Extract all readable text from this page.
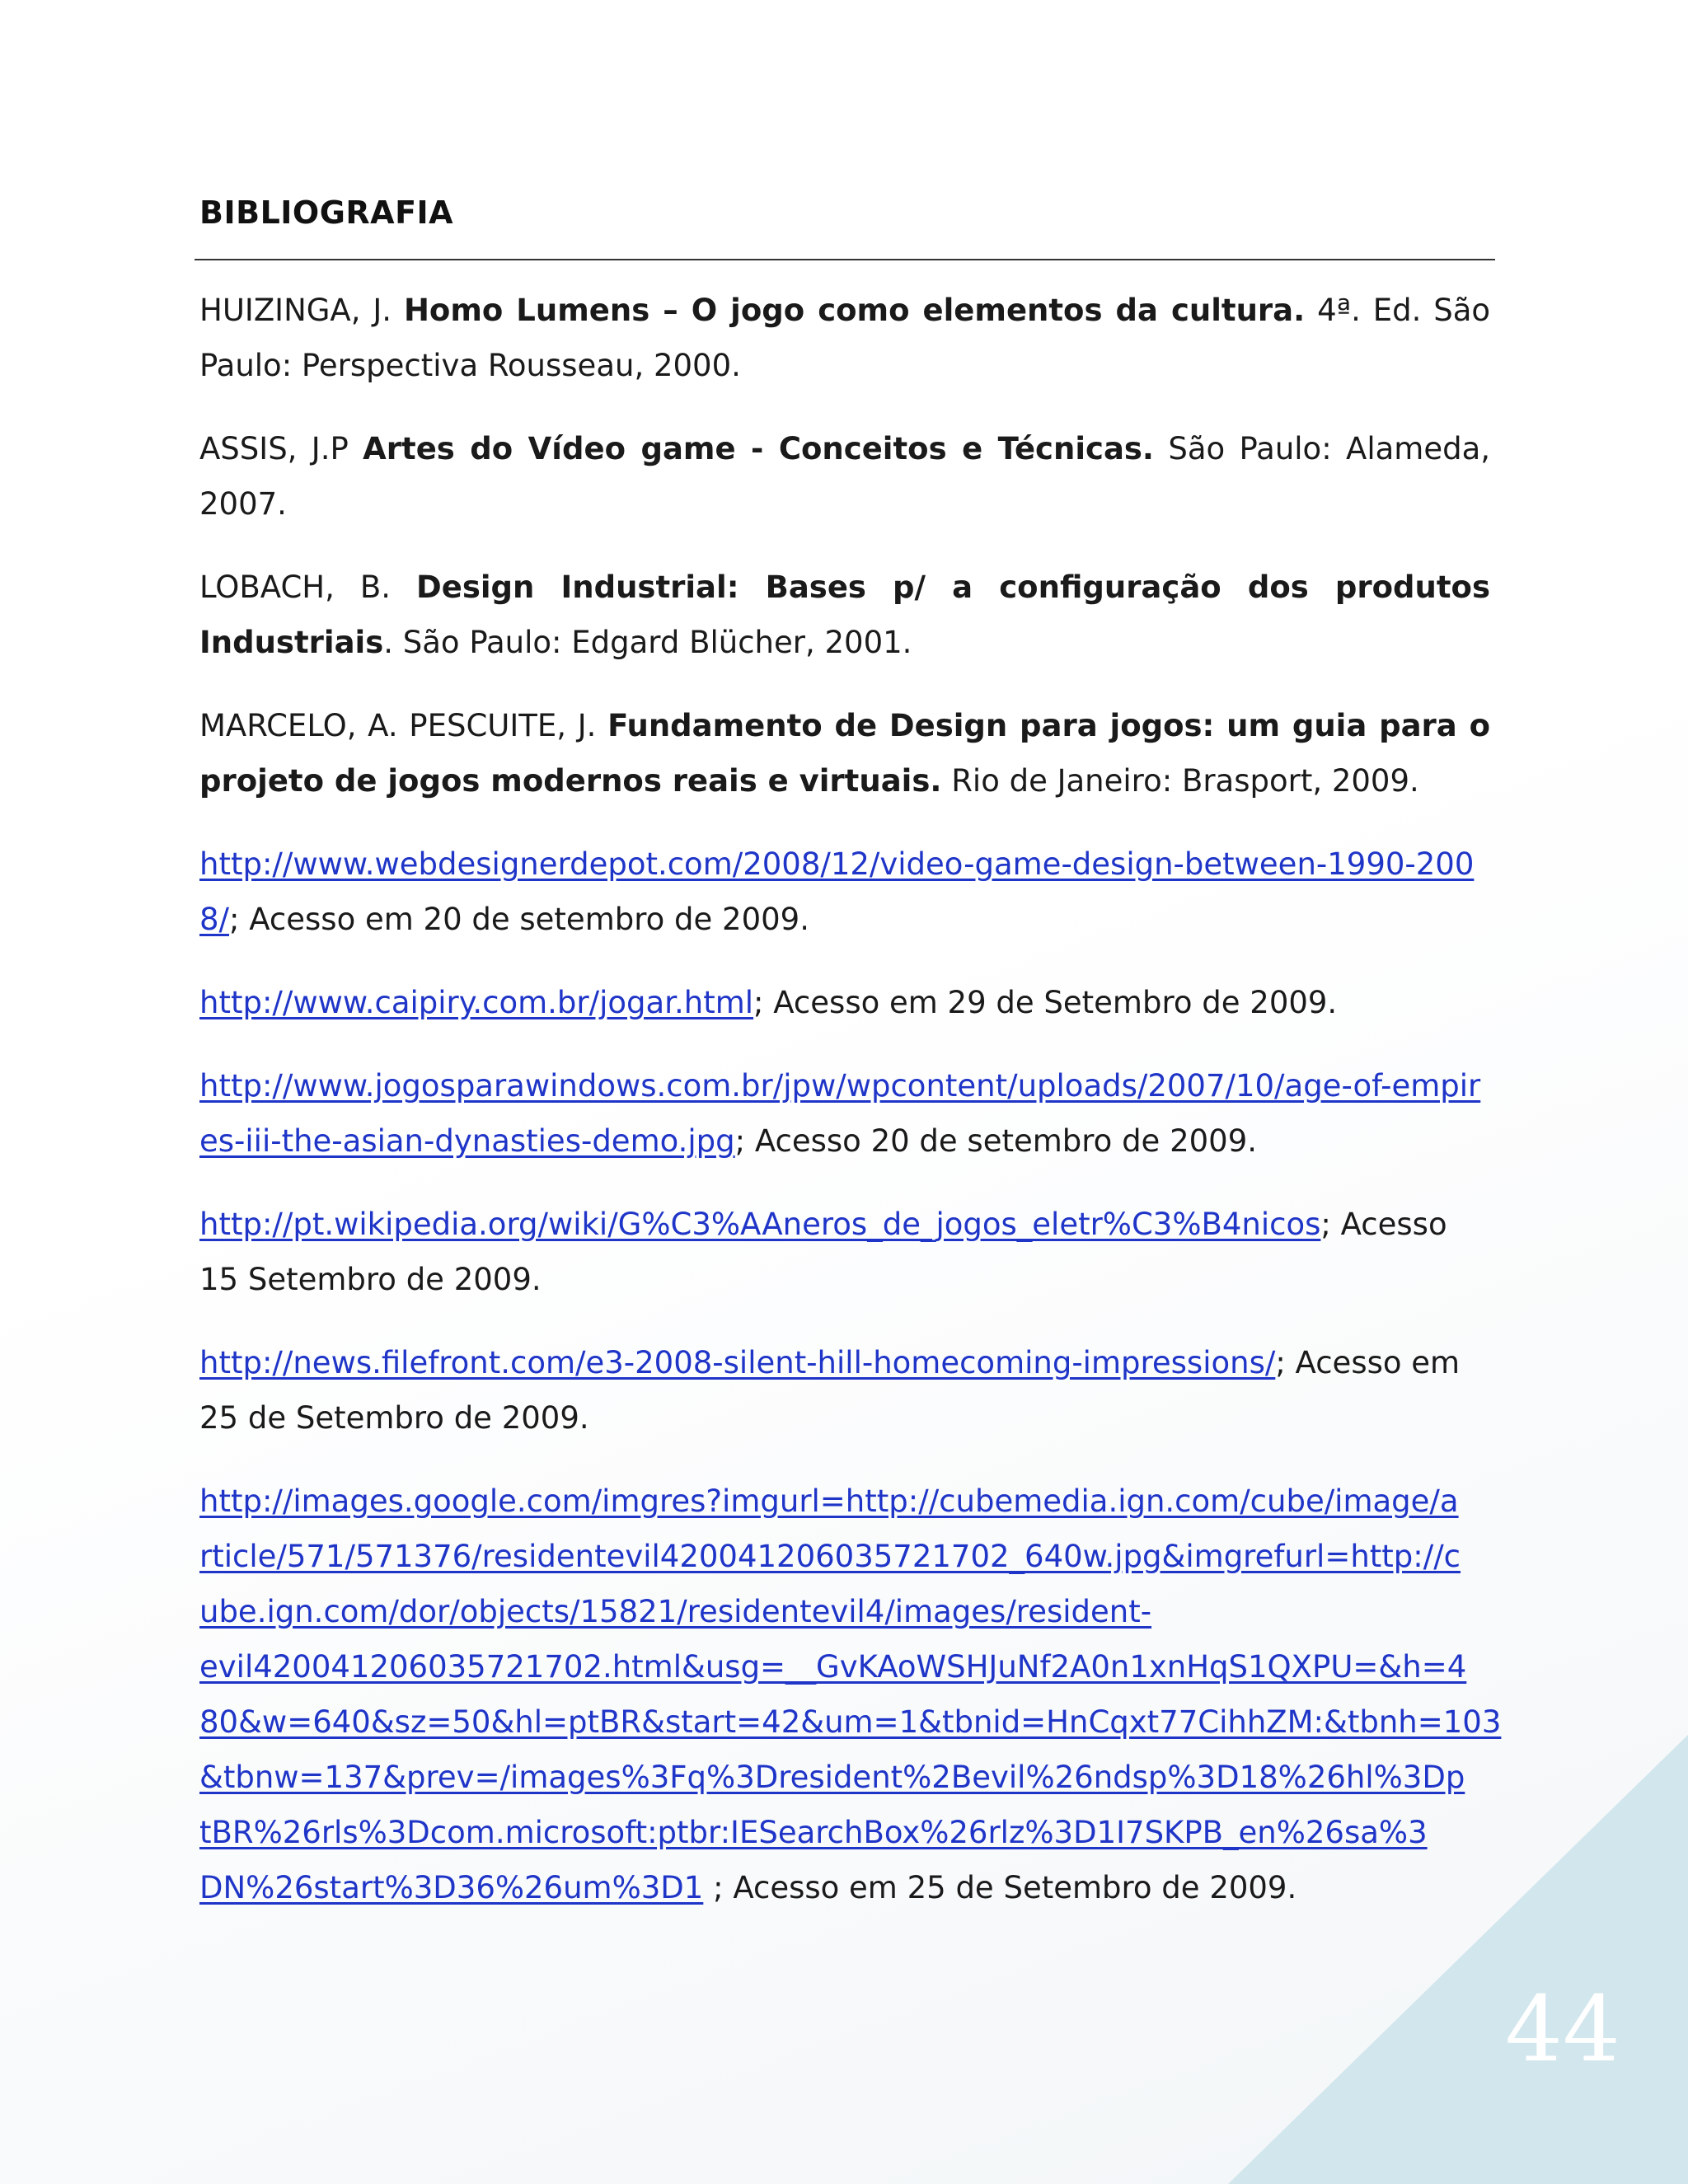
BIBLIOGRAFIA
HUIZINGA, J. Homo Lumens – O jogo como elementos da cultura. 4ª. Ed. São Paulo: Perspectiva Rousseau, 2000.
ASSIS, J.P Artes do Vídeo game - Conceitos e Técnicas. São Paulo: Alameda, 2007.
LOBACH, B. Design Industrial: Bases p/ a configuração dos produtos Industriais. São Paulo: Edgard Blücher, 2001.
MARCELO, A. PESCUITE, J. Fundamento de Design para jogos: um guia para o projeto de jogos modernos reais e virtuais. Rio de Janeiro: Brasport, 2009.
http://www.webdesignerdepot.com/2008/12/video-game-design-between-1990-2008/; Acesso em 20 de setembro de 2009.
http://www.caipiry.com.br/jogar.html; Acesso em 29 de Setembro de 2009.
http://www.jogosparawindows.com.br/jpw/wpcontent/uploads/2007/10/age-of-empires-iii-the-asian-dynasties-demo.jpg; Acesso 20 de setembro de 2009.
http://pt.wikipedia.org/wiki/G%C3%AAneros_de_jogos_eletr%C3%B4nicos; Acesso 15 Setembro de 2009.
http://news.filefront.com/e3-2008-silent-hill-homecoming-impressions/; Acesso em 25 de Setembro de 2009.
http://images.google.com/imgres?imgurl=http://cubemedia.ign.com/cube/image/a
rticle/571/571376/residentevil420041206035721702_640w.jpg&imgrefurl=http://c
ube.ign.com/dor/objects/15821/residentevil4/images/resident-
evil420041206035721702.html&usg=__GvKAoWSHJuNf2A0n1xnHqS1QXPU=&h=4
80&w=640&sz=50&hl=ptBR&start=42&um=1&tbnid=HnCqxt77CihhZM:&tbnh=103
&tbnw=137&prev=/images%3Fq%3Dresident%2Bevil%26ndsp%3D18%26hl%3Dp
tBR%26rls%3Dcom.microsoft:ptbr:IESearchBox%26rlz%3D1I7SKPB_en%26sa%3
DN%26start%3D36%26um%3D1 ; Acesso em 25 de Setembro de 2009.
44
